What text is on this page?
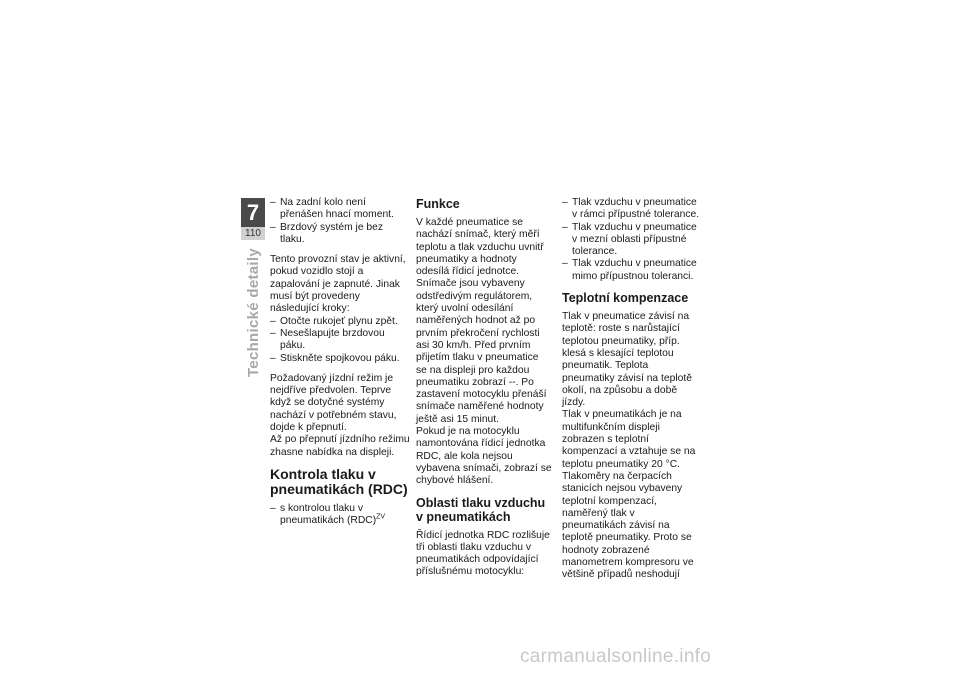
7
110
Technické detaily

– Na zadní kolo není přenášen hnací moment.

– Brzdový systém je bez tlaku.

Tento provozní stav je aktivní, pokud vozidlo stojí a zapalování je zapnuté. Jinak musí být provedeny následující kroky:

– Otočte rukojeť plynu zpět.

– Nesešlapujte brzdovou páku.

– Stiskněte spojkovou páku.

Požadovaný jízdní režim je nejdříve předvolen. Teprve když se dotyčné systémy nachází v potřebném stavu, dojde k přepnutí.

Až po přepnutí jízdního režimu zhasne nabídka na displeji.

Kontrola tlaku v pneumatikách (RDC)

– s kontrolou tlaku v pneumatikách (RDC)$^{ZV}$

Funkce

V každé pneumatice se nachází snímač, který měří teplotu a tlak vzduchu uvnitř pneumatiky a hodnoty odesílá řídicí jednotce. Snímače jsou vybaveny odstředivým regulátorem, který uvolní odesílání naměřených hodnot až po prvním překročení rychlosti asi 30 km/h. Před prvním přijetím tlaku v pneumatice se na displeji pro každou pneumatiku zobrazí --. Po zastavení motocyklu přenáší snímače naměřené hodnoty ještě asi 15 minut.

Pokud je na motocyklu namontována řídicí jednotka RDC, ale kola nejsou vybavena snímači, zobrazí se chybové hlášení.

Oblasti tlaku vzduchu v pneumatikách

Řídicí jednotka RDC rozlišuje tři oblasti tlaku vzduchu v pneumatikách odpovídající příslušnému motocyklu:

– Tlak vzduchu v pneumatice v rámci přípustné tolerance.

– Tlak vzduchu v pneumatice v mezní oblasti přípustné tolerance.

– Tlak vzduchu v pneumatice mimo přípustnou toleranci.

Teplotní kompenzace

Tlak v pneumatice závisí na teplotě: roste s narůstající teplotou pneumatiky, příp. klesá s klesající teplotou pneumatik. Teplota pneumatiky závisí na teplotě okolí, na způsobu a době jízdy.

Tlak v pneumatikách je na multifunkčním displeji zobrazen s teplotní kompenzací a vztahuje se na teplotu pneumatiky 20 °C. Tlakoměry na čerpacích stanicích nejsou vybaveny teplotní kompenzací, naměřený tlak v pneumatikách závisí na teplotě pneumatiky. Proto se hodnoty zobrazené manometrem kompresoru ve většině případů neshodují

carmanualsonline.info
